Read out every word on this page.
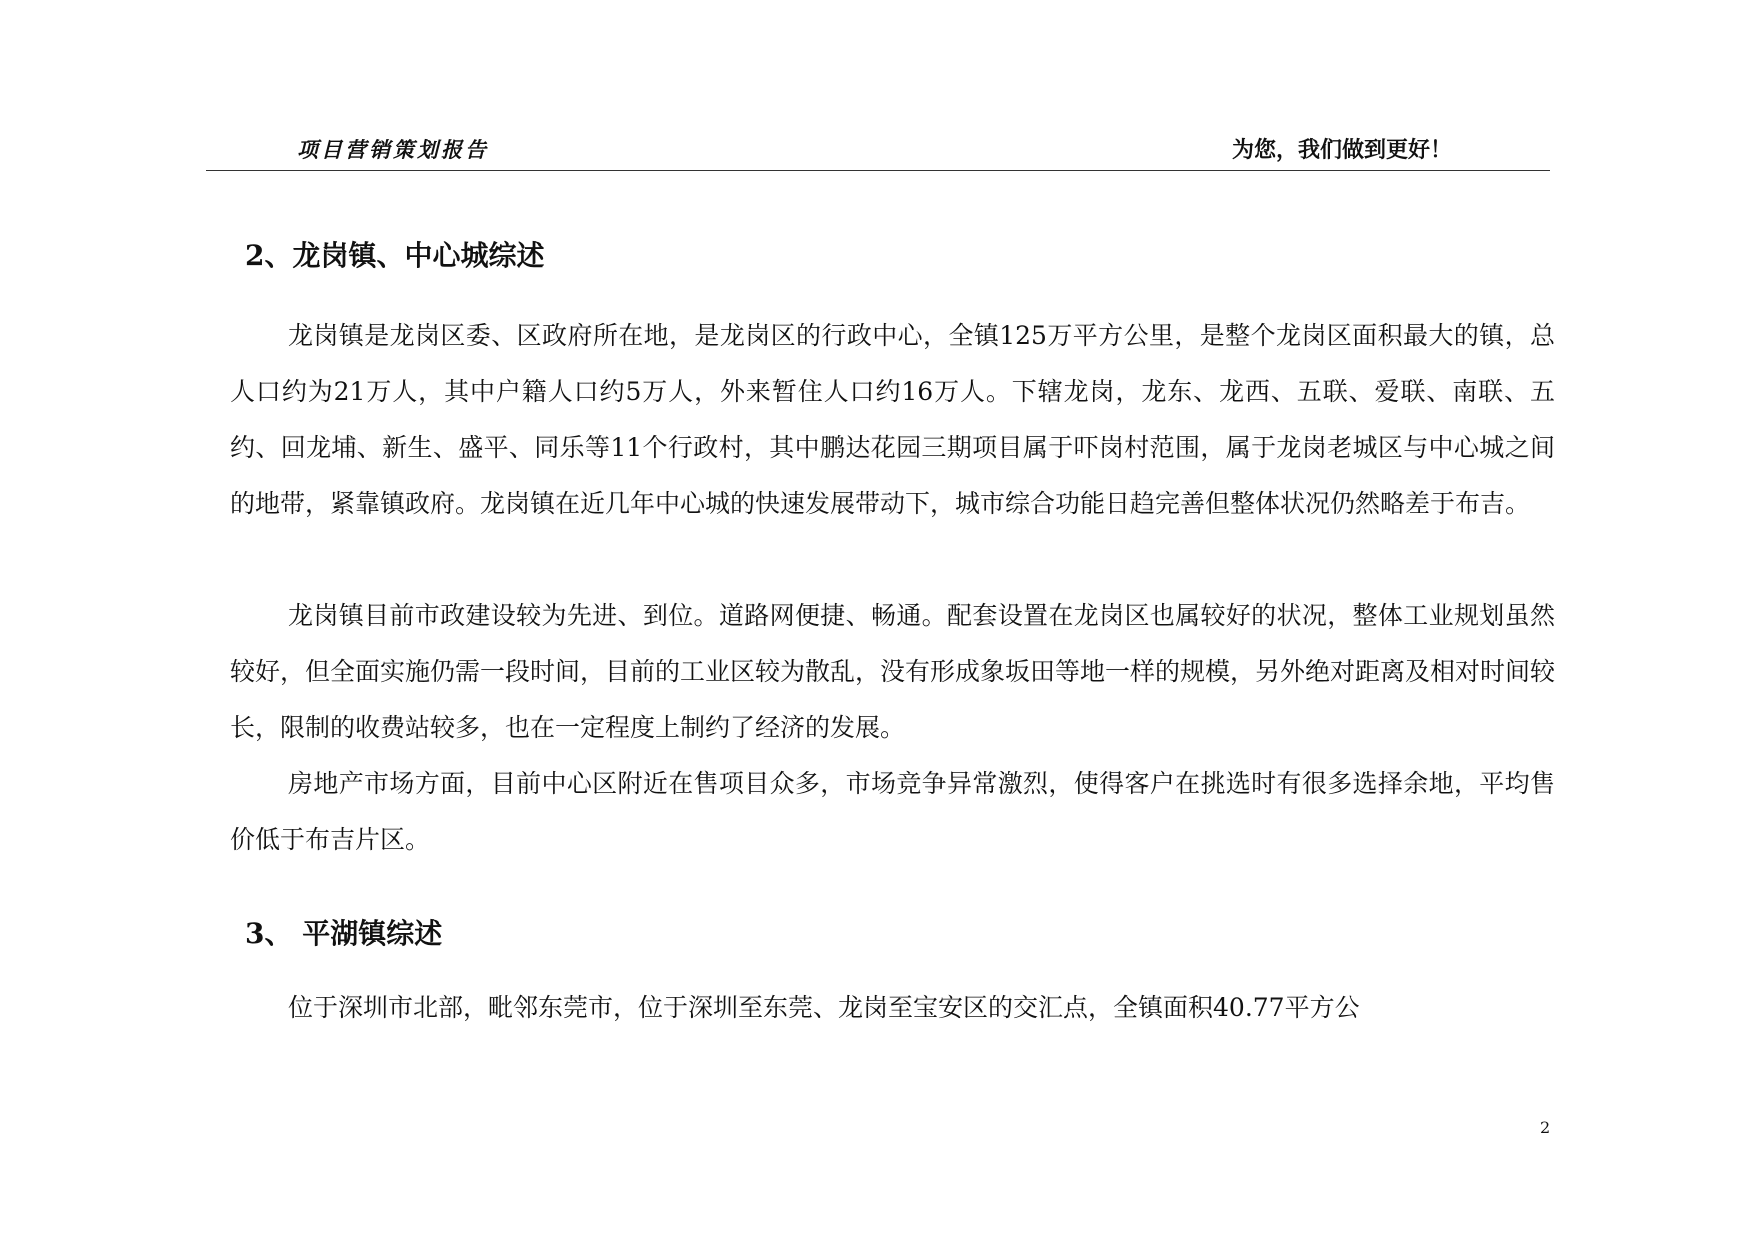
项目营销策划报告	为您，我们做到更好！
2、龙岗镇、中心城综述

龙岗镇是龙岗区委、区政府所在地，是龙岗区的行政中心，全镇125万平方公里，是整个龙岗区面积最大的镇，总人口约为21万人，其中户籍人口约5万人，外来暂住人口约16万人。下辖龙岗，龙东、龙西、五联、爱联、南联、五约、回龙埔、新生、盛平、同乐等11个行政村，其中鹏达花园三期项目属于吓岗村范围，属于龙岗老城区与中心城之间的地带，紧靠镇政府。龙岗镇在近几年中心城的快速发展带动下，城市综合功能日趋完善但整体状况仍然略差于布吉。

龙岗镇目前市政建设较为先进、到位。道路网便捷、畅通。配套设置在龙岗区也属较好的状况，整体工业规划虽然较好，但全面实施仍需一段时间，目前的工业区较为散乱，没有形成象坂田等地一样的规模，另外绝对距离及相对时间较长，限制的收费站较多，也在一定程度上制约了经济的发展。

房地产市场方面，目前中心区附近在售项目众多，市场竞争异常激烈，使得客户在挑选时有很多选择余地，平均售价低于布吉片区。

3、 平湖镇综述

位于深圳市北部，毗邻东莞市，位于深圳至东莞、龙岗至宝安区的交汇点，全镇面积40.77平方公

2
